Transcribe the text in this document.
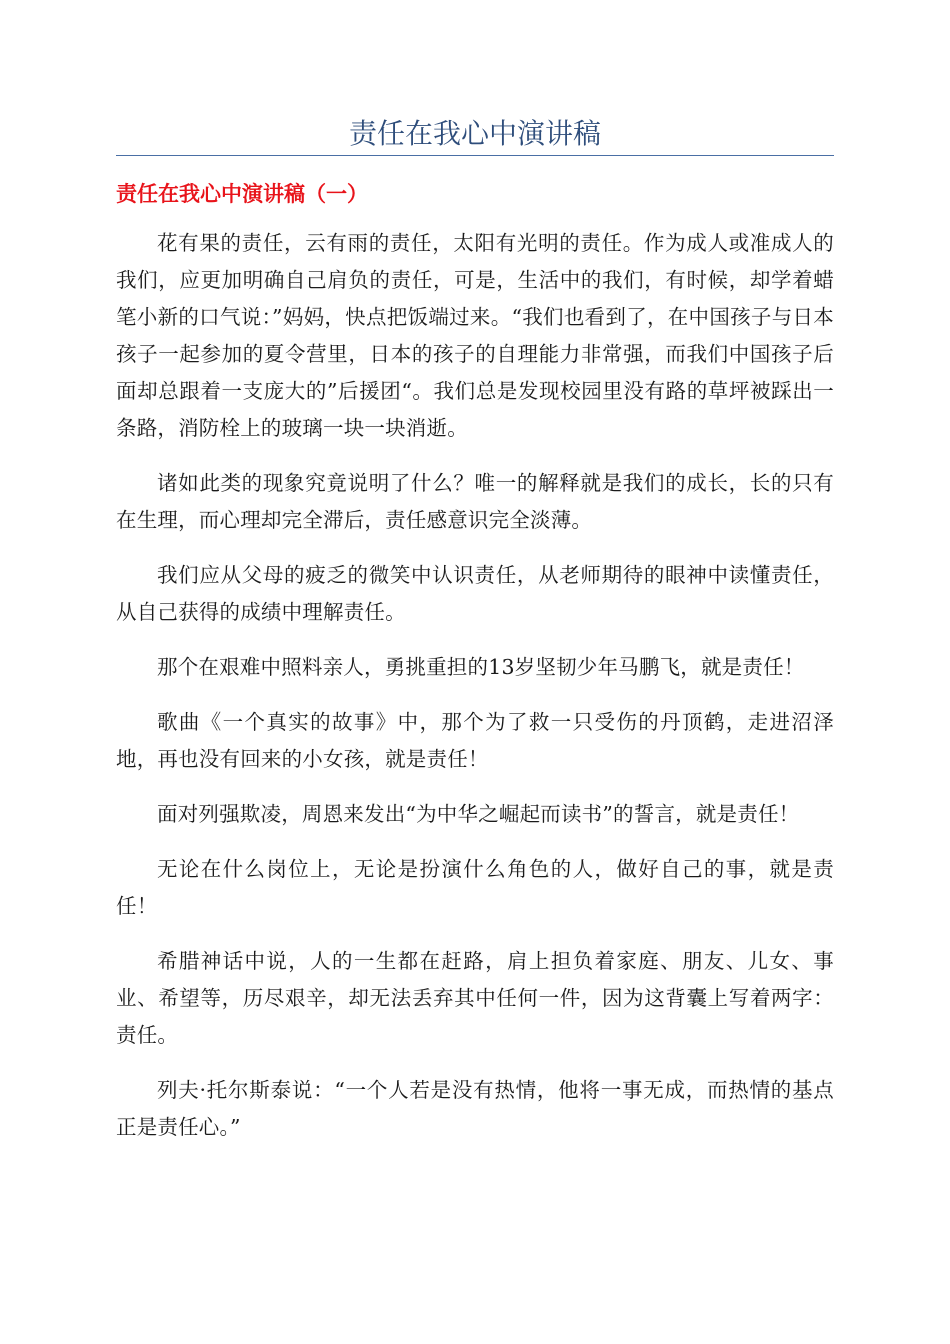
责任在我心中演讲稿
责任在我心中演讲稿（一）

花有果的责任，云有雨的责任，太阳有光明的责任。作为成人或准成人的我们，应更加明确自己肩负的责任，可是，生活中的我们，有时候，却学着蜡笔小新的口气说：”妈妈，快点把饭端过来。“我们也看到了，在中国孩子与日本孩子一起参加的夏令营里，日本的孩子的自理能力非常强，而我们中国孩子后面却总跟着一支庞大的”后援团“。我们总是发现校园里没有路的草坪被踩出一条路，消防栓上的玻璃一块一块消逝。

诸如此类的现象究竟说明了什么？唯一的解释就是我们的成长，长的只有在生理，而心理却完全滞后，责任感意识完全淡薄。

我们应从父母的疲乏的微笑中认识责任，从老师期待的眼神中读懂责任，从自己获得的成绩中理解责任。

那个在艰难中照料亲人，勇挑重担的13岁坚韧少年马鹏飞，就是责任！

歌曲《一个真实的故事》中，那个为了救一只受伤的丹顶鹤，走进沼泽地，再也没有回来的小女孩，就是责任！

面对列强欺凌，周恩来发出“为中华之崛起而读书”的誓言，就是责任！

无论在什么岗位上，无论是扮演什么角色的人，做好自己的事，就是责任！

希腊神话中说，人的一生都在赶路，肩上担负着家庭、朋友、儿女、事业、希望等，历尽艰辛，却无法丢弃其中任何一件，因为这背囊上写着两字：责任。

列夫·托尔斯泰说：“一个人若是没有热情，他将一事无成，而热情的基点正是责任心。”
